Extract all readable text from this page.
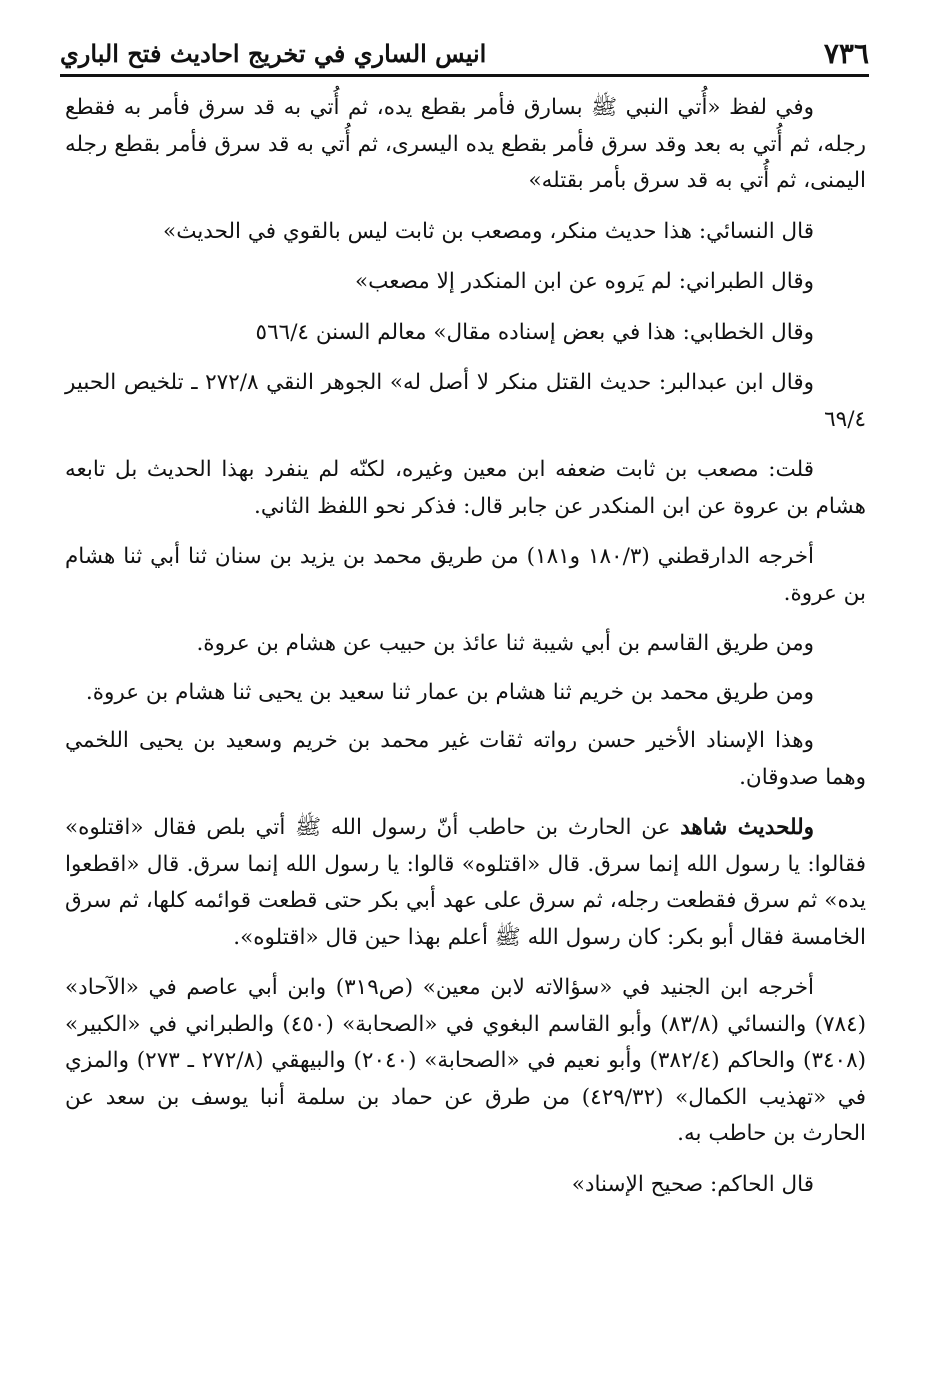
٧٣٦
انيس الساري في تخريج احاديث فتح الباري

وفي لفظ «أُتي النبي ﷺ بسارق فأمر بقطع يده، ثم أُتي به قد سرق فأمر به فقطع رجله، ثم أُتي به بعد وقد سرق فأمر بقطع يده اليسرى، ثم أُتي به قد سرق فأمر بقطع رجله اليمنى، ثم أُتي به قد سرق بأمر بقتله»

قال النسائي: هذا حديث منكر، ومصعب بن ثابت ليس بالقوي في الحديث»

وقال الطبراني: لم يَروه عن ابن المنكدر إلا مصعب»

وقال الخطابي: هذا في بعض إسناده مقال» معالم السنن ٥٦٦/٤

وقال ابن عبدالبر: حديث القتل منكر لا أصل له» الجوهر النقي ٢٧٢/٨ ـ تلخيص الحبير ٦٩/٤

قلت: مصعب بن ثابت ضعفه ابن معين وغيره، لكنّه لم ينفرد بهذا الحديث بل تابعه هشام بن عروة عن ابن المنكدر عن جابر قال: فذكر نحو اللفظ الثاني.

أخرجه الدارقطني (١٨٠/٣ و١٨١) من طريق محمد بن يزيد بن سنان ثنا أبي ثنا هشام بن عروة.

ومن طريق القاسم بن أبي شيبة ثنا عائذ بن حبيب عن هشام بن عروة.

ومن طريق محمد بن خريم ثنا هشام بن عمار ثنا سعيد بن يحيى ثنا هشام بن عروة.

وهذا الإسناد الأخير حسن رواته ثقات غير محمد بن خريم وسعيد بن يحيى اللخمي وهما صدوقان.

وللحديث شاهد عن الحارث بن حاطب أنّ رسول الله ﷺ أتي بلص فقال «اقتلوه» فقالوا: يا رسول الله إنما سرق. قال «اقتلوه» قالوا: يا رسول الله إنما سرق. قال «اقطعوا يده» ثم سرق فقطعت رجله، ثم سرق على عهد أبي بكر حتى قطعت قوائمه كلها، ثم سرق الخامسة فقال أبو بكر: كان رسول الله ﷺ أعلم بهذا حين قال «اقتلوه».

أخرجه ابن الجنيد في «سؤالاته لابن معين» (ص٣١٩) وابن أبي عاصم في «الآحاد» (٧٨٤) والنسائي (٨٣/٨) وأبو القاسم البغوي في «الصحابة» (٤٥٠) والطبراني في «الكبير» (٣٤٠٨) والحاكم (٣٨٢/٤) وأبو نعيم في «الصحابة» (٢٠٤٠) والبيهقي (٢٧٢/٨ ـ ٢٧٣) والمزي في «تهذيب الكمال» (٤٢٩/٣٢) من طرق عن حماد بن سلمة أنبا يوسف بن سعد عن الحارث بن حاطب به.

قال الحاكم: صحيح الإسناد»
